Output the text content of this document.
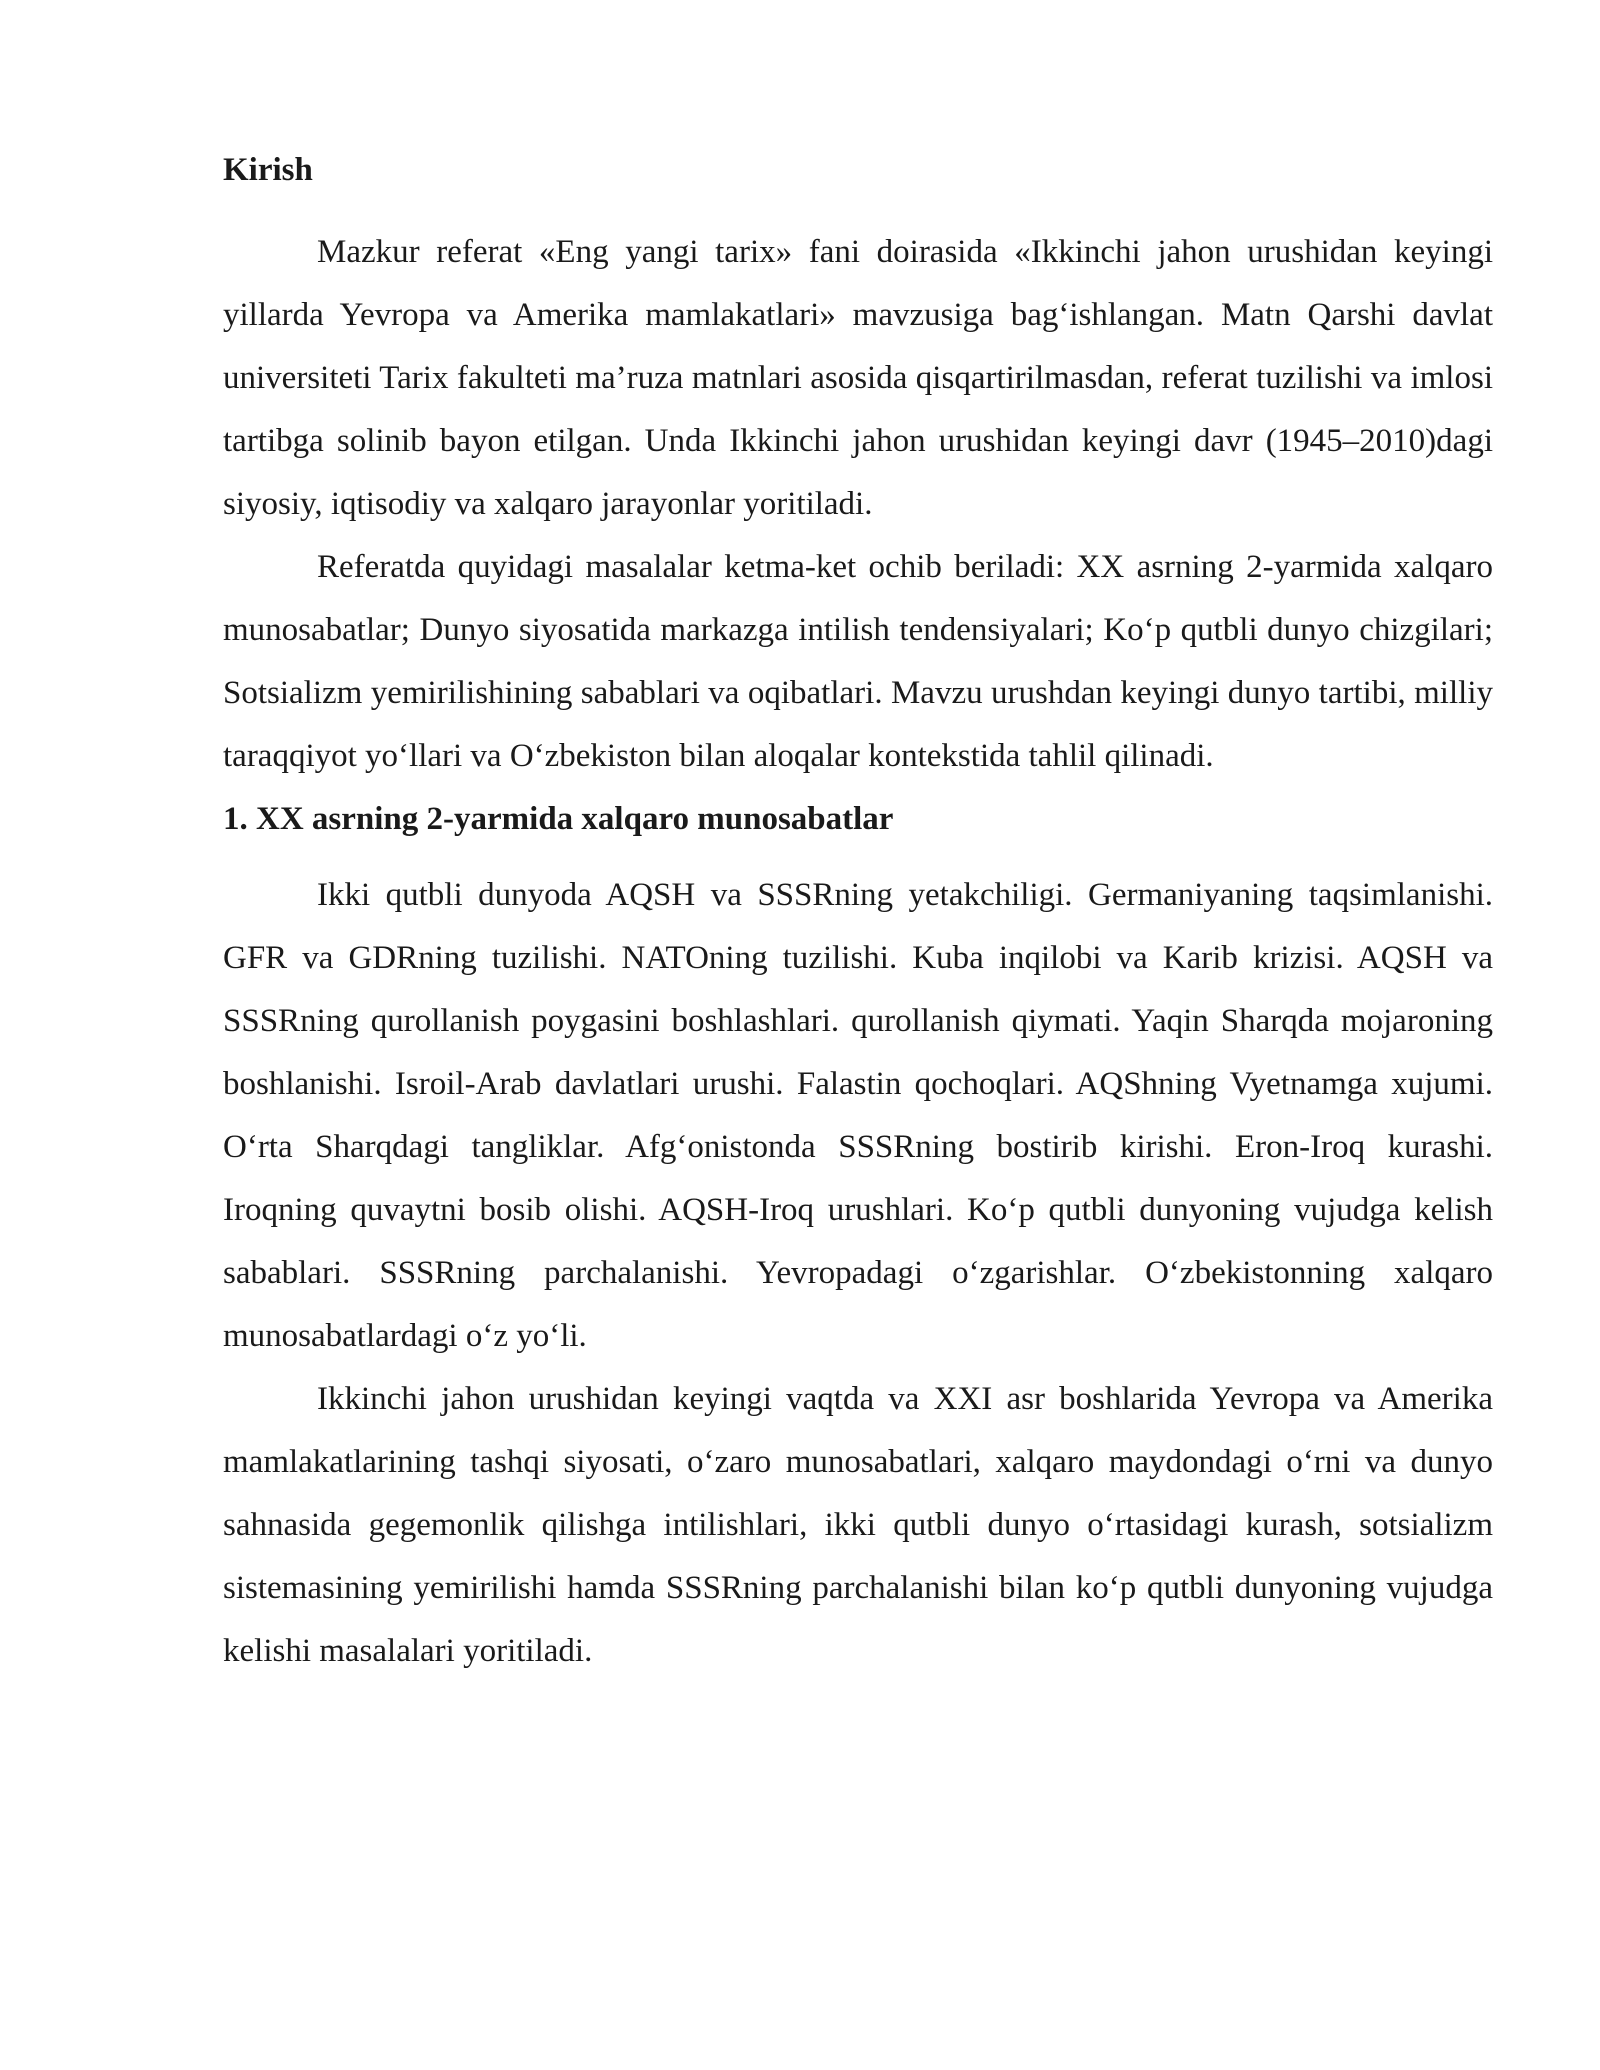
Kirish

Mazkur referat «Eng yangi tarix» fani doirasida «Ikkinchi jahon urushidan keyingi yillarda Yevropa va Amerika mamlakatlari» mavzusiga bag‘ishlangan. Matn Qarshi davlat universiteti Tarix fakulteti ma’ruza matnlari asosida qisqartirilmasdan, referat tuzilishi va imlosi tartibga solinib bayon etilgan. Unda Ikkinchi jahon urushidan keyingi davr (1945–2010)dagi siyosiy, iqtisodiy va xalqaro jarayonlar yoritiladi.

Referatda quyidagi masalalar ketma-ket ochib beriladi: XX asrning 2-yarmida xalqaro munosabatlar; Dunyo siyosatida markazga intilish tendensiyalari; Ko‘p qutbli dunyo chizgilari; Sotsializm yemirilishining sabablari va oqibatlari. Mavzu urushdan keyingi dunyo tartibi, milliy taraqqiyot yo‘llari va O‘zbekiston bilan aloqalar kontekstida tahlil qilinadi.

1. XX asrning 2-yarmida xalqaro munosabatlar

Ikki qutbli dunyoda AQSH va SSSRning yetakchiligi. Germaniyaning taqsimlanishi. GFR va GDRning tuzilishi. NATOning tuzilishi. Kuba inqilobi va Karib krizisi. AQSH va SSSRning qurollanish poygasini boshlashlari. qurollanish qiymati. Yaqin Sharqda mojaroning boshlanishi. Isroil-Arab davlatlari urushi. Falastin qochoqlari. AQShning Vyetnamga xujumi. O‘rta Sharqdagi tangliklar. Afg‘onistonda SSSRning bostirib kirishi. Eron-Iroq kurashi. Iroqning quvaytni bosib olishi. AQSH-Iroq urushlari. Ko‘p qutbli dunyoning vujudga kelish sabablari. SSSRning parchalanishi. Yevropadagi o‘zgarishlar. O‘zbekistonning xalqaro munosabatlardagi o‘z yo‘li.

Ikkinchi jahon urushidan keyingi vaqtda va XXI asr boshlarida Yevropa va Amerika mamlakatlarining tashqi siyosati, o‘zaro munosabatlari, xalqaro maydondagi o‘rni va dunyo sahnasida gegemonlik qilishga intilishlari, ikki qutbli dunyo o‘rtasidagi kurash, sotsializm sistemasining yemirilishi hamda SSSRning parchalanishi bilan ko‘p qutbli dunyoning vujudga kelishi masalalari yoritiladi.
